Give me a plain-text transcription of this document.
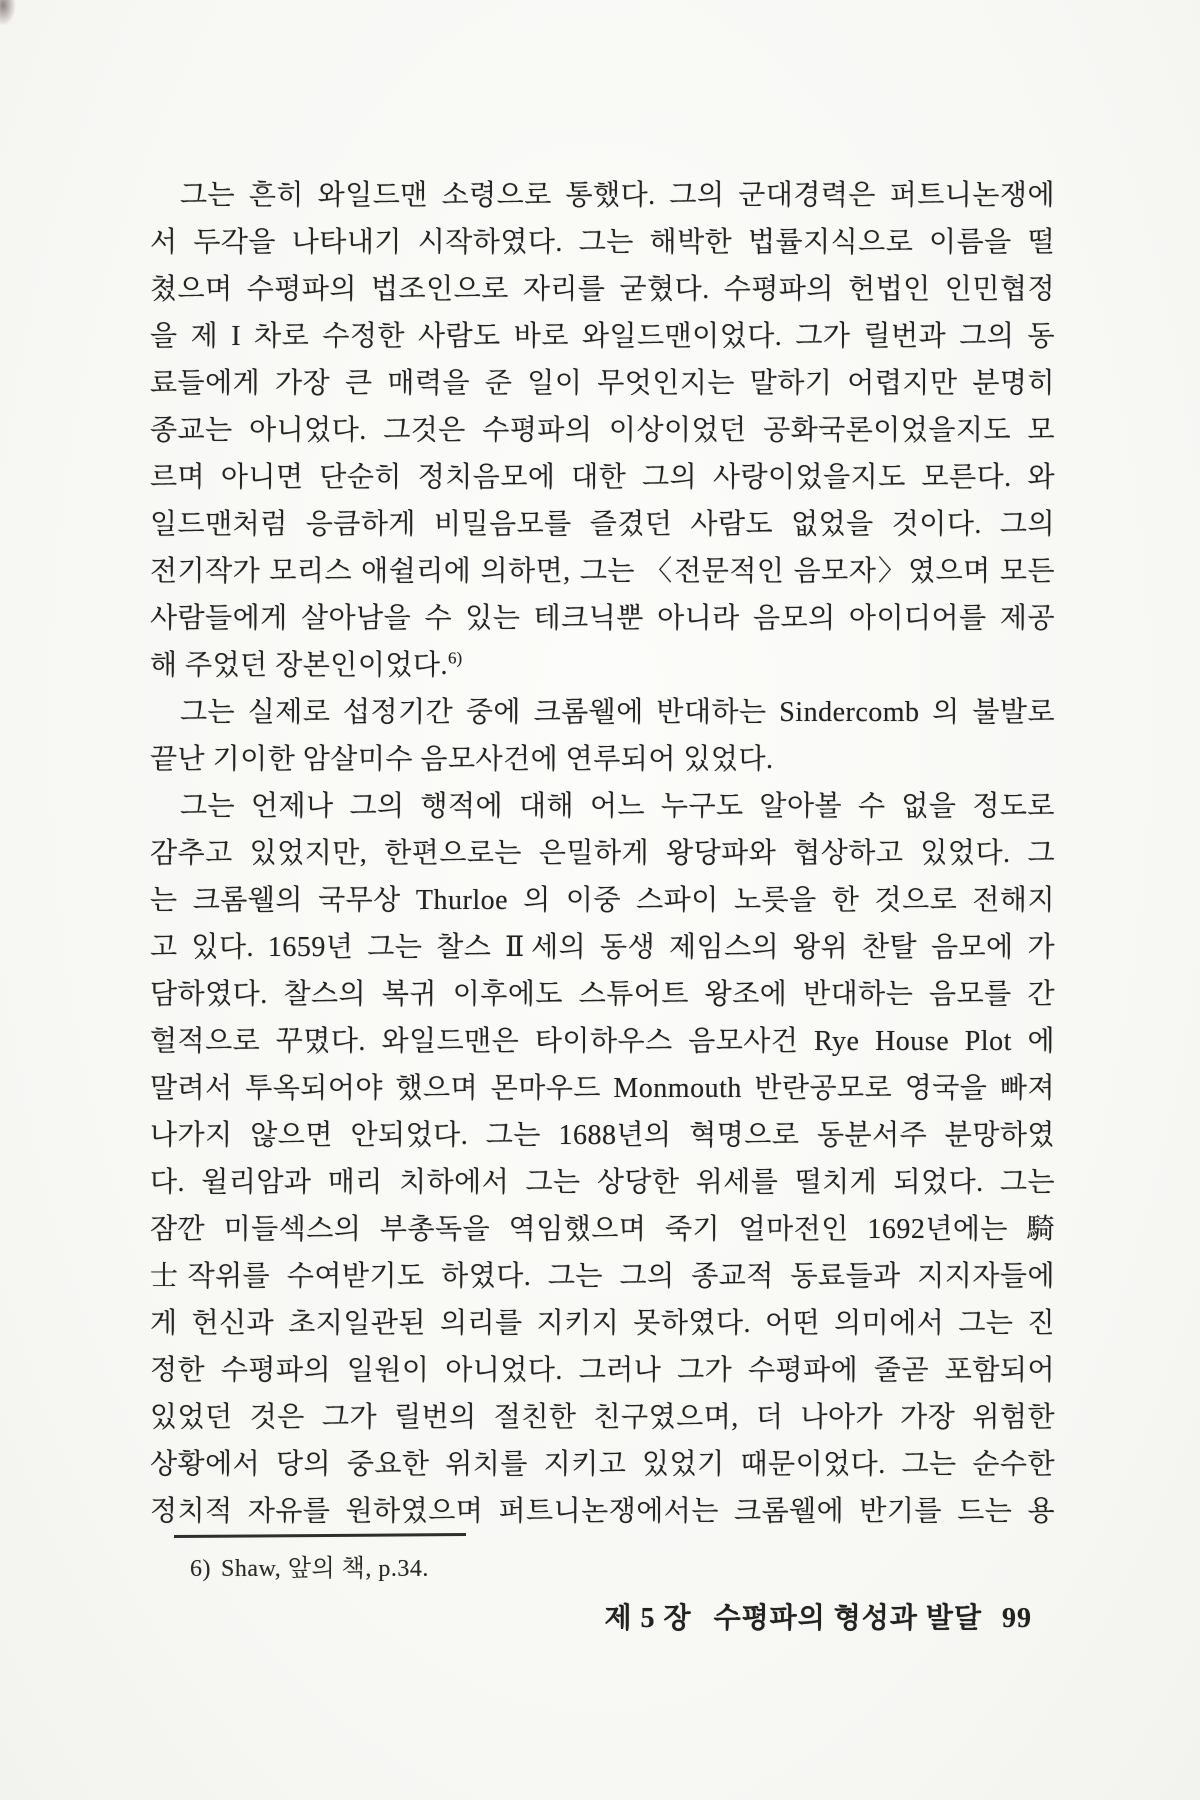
그는 흔히 와일드맨 소령으로 통했다. 그의 군대경력은 퍼트니논쟁에
서 두각을 나타내기 시작하였다. 그는 해박한 법률지식으로 이름을 떨
쳤으며 수평파의 법조인으로 자리를 굳혔다. 수평파의 헌법인 인민협정
을 제 I 차로 수정한 사람도 바로 와일드맨이었다. 그가 릴번과 그의 동
료들에게 가장 큰 매력을 준 일이 무엇인지는 말하기 어렵지만 분명히
종교는 아니었다. 그것은 수평파의 이상이었던 공화국론이었을지도 모
르며 아니면 단순히 정치음모에 대한 그의 사랑이었을지도 모른다. 와
일드맨처럼 응큼하게 비밀음모를 즐겼던 사람도 없었을 것이다. 그의
전기작가 모리스 애쉴리에 의하면, 그는 〈전문적인 음모자〉였으며 모든
사람들에게 살아남을 수 있는 테크닉뿐 아니라 음모의 아이디어를 제공
해 주었던 장본인이었다.$^{6)}$
그는 실제로 섭정기간 중에 크롬웰에 반대하는 Sindercomb 의 불발로
끝난 기이한 암살미수 음모사건에 연루되어 있었다.
그는 언제나 그의 행적에 대해 어느 누구도 알아볼 수 없을 정도로
감추고 있었지만, 한편으로는 은밀하게 왕당파와 협상하고 있었다. 그
는 크롬웰의 국무상 Thurloe 의 이중 스파이 노릇을 한 것으로 전해지
고 있다. 1659년 그는 찰스 Ⅱ세의 동생 제임스의 왕위 찬탈 음모에 가
담하였다. 찰스의 복귀 이후에도 스튜어트 왕조에 반대하는 음모를 간
헐적으로 꾸몄다. 와일드맨은 타이하우스 음모사건 Rye House Plot 에
말려서 투옥되어야 했으며 몬마우드 Monmouth 반란공모로 영국을 빠져
나가지 않으면 안되었다. 그는 1688년의 혁명으로 동분서주 분망하였
다. 윌리암과 매리 치하에서 그는 상당한 위세를 떨치게 되었다. 그는
잠깐 미들섹스의 부총독을 역임했으며 죽기 얼마전인 1692년에는 騎
士작위를 수여받기도 하였다. 그는 그의 종교적 동료들과 지지자들에
게 헌신과 초지일관된 의리를 지키지 못하였다. 어떤 의미에서 그는 진
정한 수평파의 일원이 아니었다. 그러나 그가 수평파에 줄곧 포함되어
있었던 것은 그가 릴번의 절친한 친구였으며, 더 나아가 가장 위험한
상황에서 당의 중요한 위치를 지키고 있었기 때문이었다. 그는 순수한
정치적 자유를 원하였으며 퍼트니논쟁에서는 크롬웰에 반기를 드는 용
6) Shaw, 앞의 책, p.34.
제 5 장 수평파의 형성과 발달 99
